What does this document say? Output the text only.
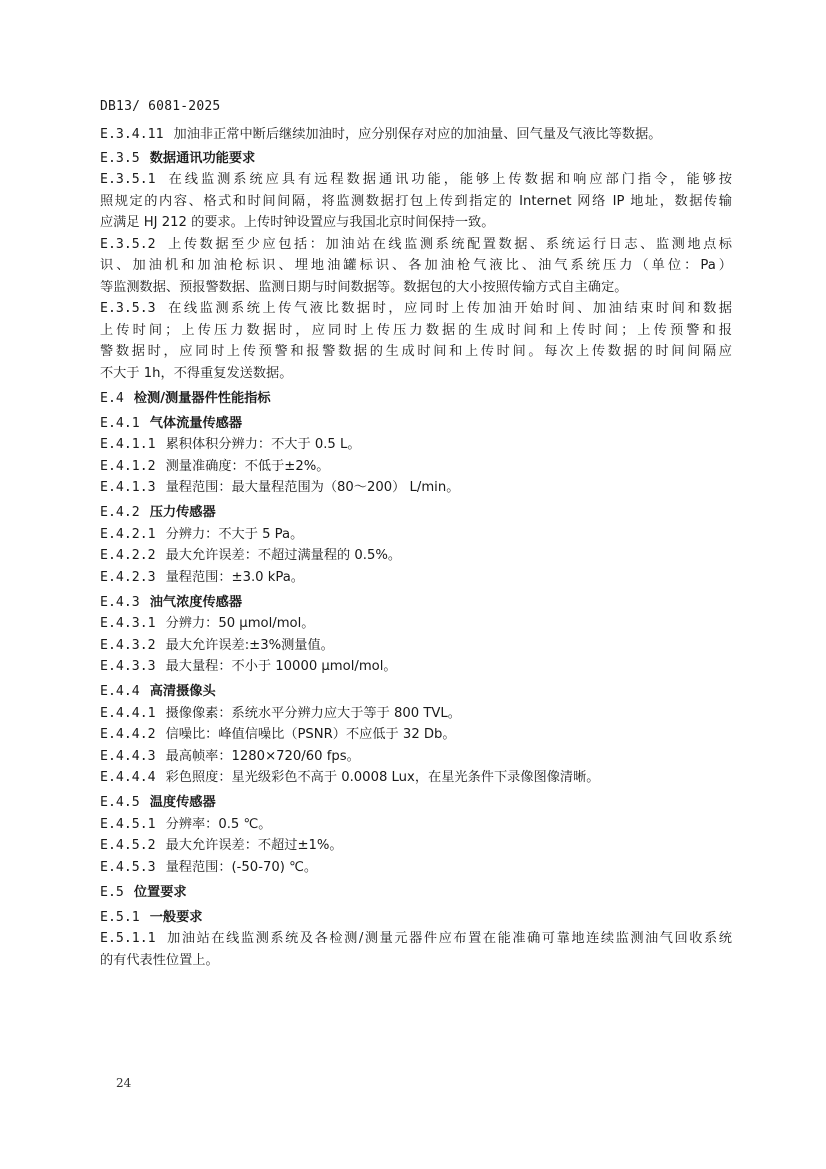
DB13/ 6081-2025
E.3.4.11 加油非正常中断后继续加油时，应分别保存对应的加油量、回气量及气液比等数据。
E.3.5 数据通讯功能要求
E.3.5.1 在线监测系统应具有远程数据通讯功能，能够上传数据和响应部门指令，能够按
照规定的内容、格式和时间间隔，将监测数据打包上传到指定的 Internet 网络 IP 地址，数据传输
应满足 HJ 212 的要求。上传时钟设置应与我国北京时间保持一致。
E.3.5.2 上传数据至少应包括：加油站在线监测系统配置数据、系统运行日志、监测地点标
识、加油机和加油枪标识、埋地油罐标识、各加油枪气液比、油气系统压力（单位：Pa）
等监测数据、预报警数据、监测日期与时间数据等。数据包的大小按照传输方式自主确定。
E.3.5.3 在线监测系统上传气液比数据时，应同时上传加油开始时间、加油结束时间和数据
上传时间；上传压力数据时，应同时上传压力数据的生成时间和上传时间；上传预警和报
警数据时，应同时上传预警和报警数据的生成时间和上传时间。每次上传数据的时间间隔应
不大于 1h，不得重复发送数据。
E.4 检测/测量器件性能指标
E.4.1 气体流量传感器
E.4.1.1 累积体积分辨力：不大于 0.5 L。
E.4.1.2 测量准确度：不低于±2%。
E.4.1.3 量程范围：最大量程范围为（80～200） L/min。
E.4.2 压力传感器
E.4.2.1 分辨力：不大于 5 Pa。
E.4.2.2 最大允许误差：不超过满量程的 0.5%。
E.4.2.3 量程范围：±3.0 kPa。
E.4.3 油气浓度传感器
E.4.3.1 分辨力：50 μmol/mol。
E.4.3.2 最大允许误差:±3%测量值。
E.4.3.3 最大量程：不小于 10000 μmol/mol。
E.4.4 高清摄像头
E.4.4.1 摄像像素：系统水平分辨力应大于等于 800 TVL。
E.4.4.2 信噪比：峰值信噪比（PSNR）不应低于 32 Db。
E.4.4.3 最高帧率：1280×720/60 fps。
E.4.4.4 彩色照度：星光级彩色不高于 0.0008 Lux，在星光条件下录像图像清晰。
E.4.5 温度传感器
E.4.5.1 分辨率：0.5 ℃。
E.4.5.2 最大允许误差：不超过±1%。
E.4.5.3 量程范围：(-50-70) ℃。
E.5 位置要求
E.5.1 一般要求
E.5.1.1 加油站在线监测系统及各检测/测量元器件应布置在能准确可靠地连续监测油气回收系统
的有代表性位置上。
24
